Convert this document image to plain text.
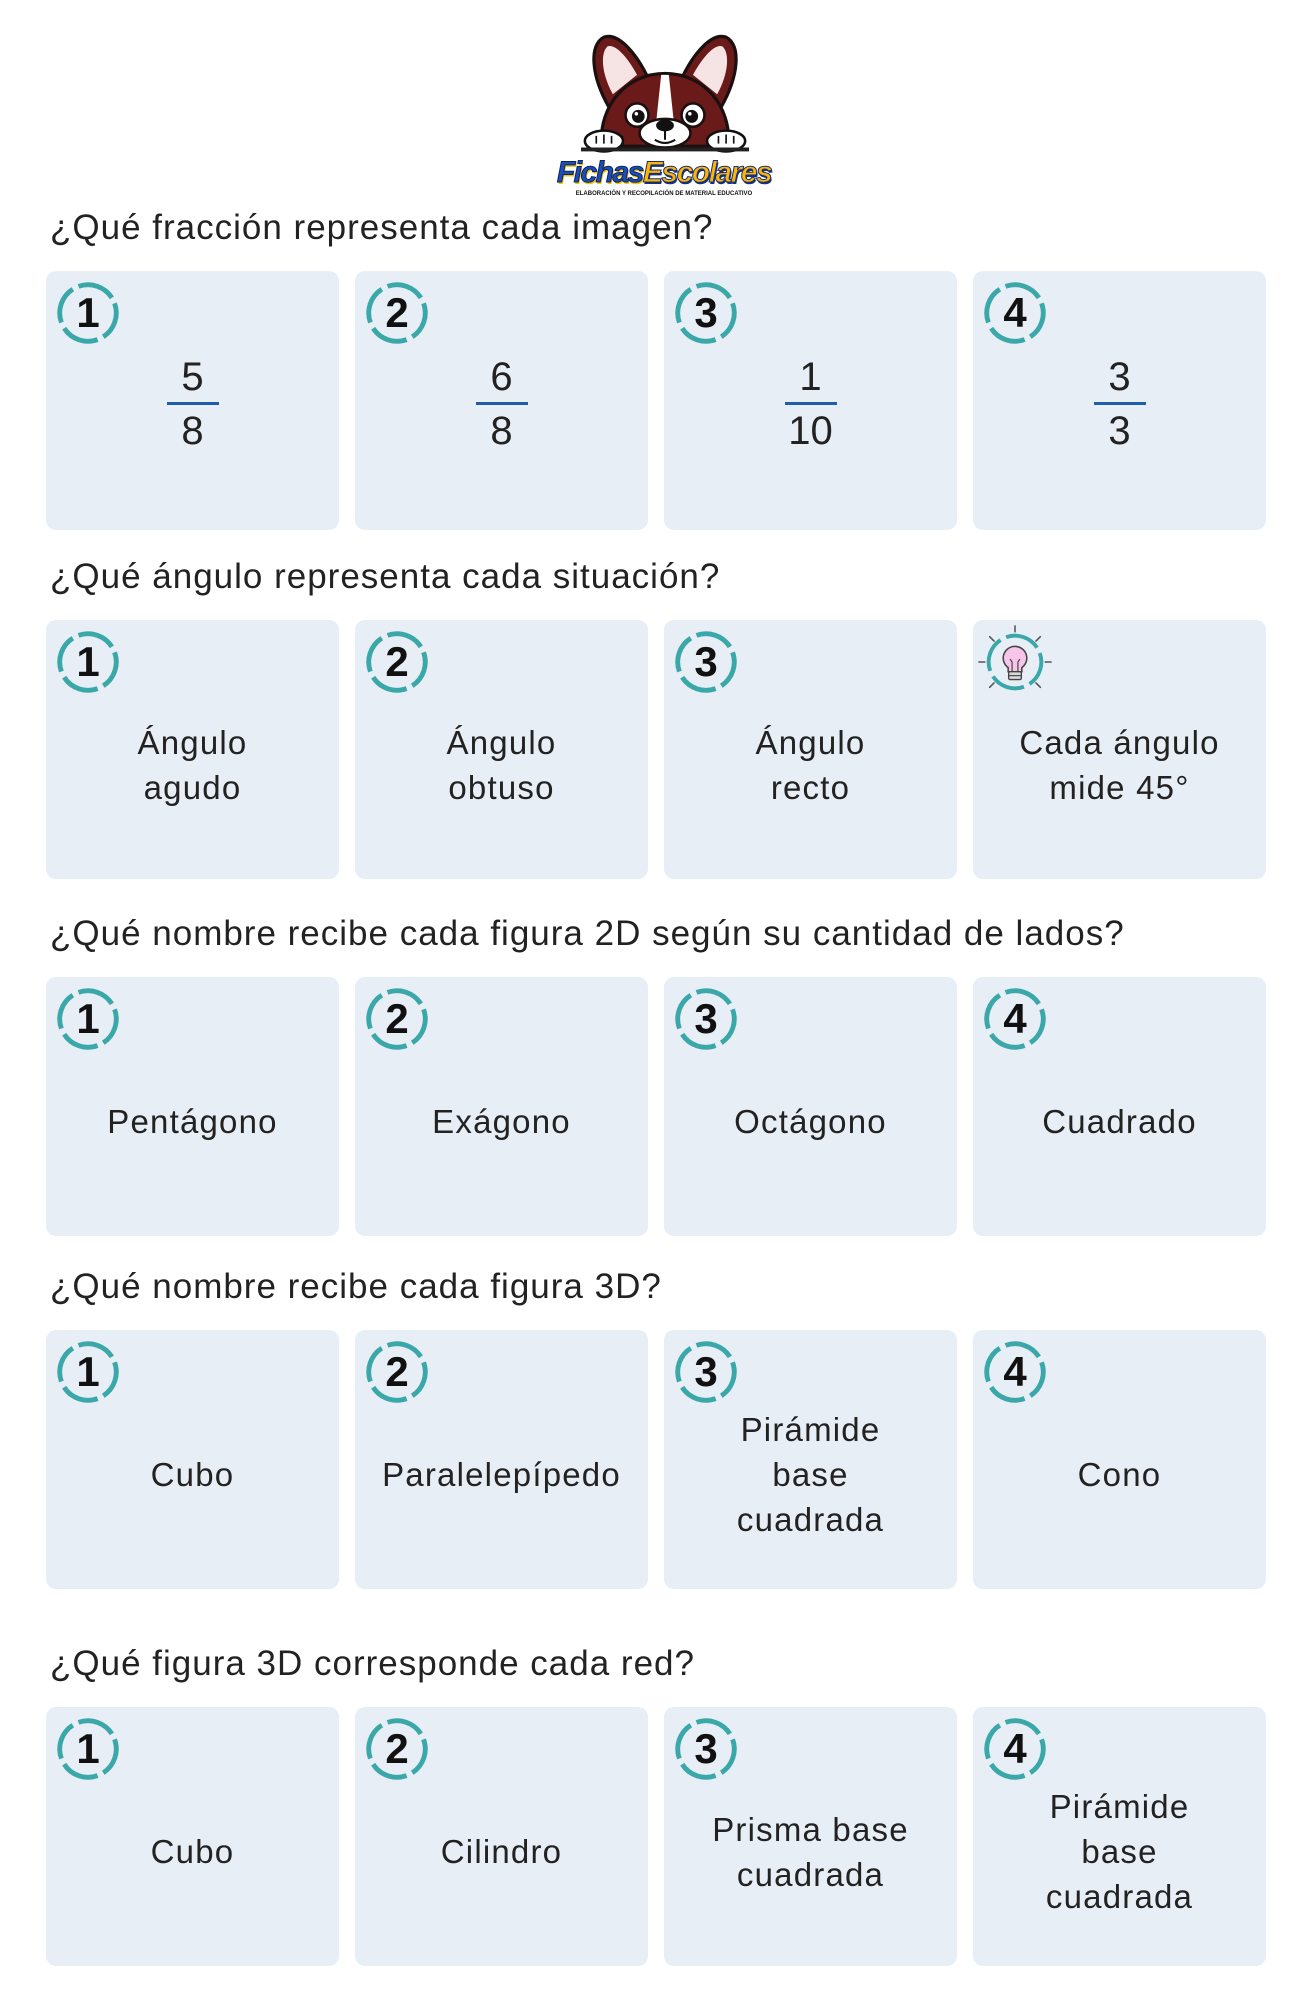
FichasEscolares
ELABORACIÓN Y RECOPILACIÓN DE MATERIAL EDUCATIVO
¿Qué fracción representa cada imagen?
1
5
8
2
6
8
3
1
10
4
3
3
¿Qué ángulo representa cada situación?
1
Ángulo
agudo
2
Ángulo
obtuso
3
Ángulo
recto
Cada ángulo
mide 45°
¿Qué nombre recibe cada figura 2D según su cantidad de lados?
1
Pentágono
2
Exágono
3
Octágono
4
Cuadrado
¿Qué nombre recibe cada figura 3D?
1
Cubo
2
Paralelepípedo
3
Pirámide
base
cuadrada
4
Cono
¿Qué figura 3D corresponde cada red?
1
Cubo
2
Cilindro
3
Prisma base
cuadrada
4
Pirámide
base
cuadrada
